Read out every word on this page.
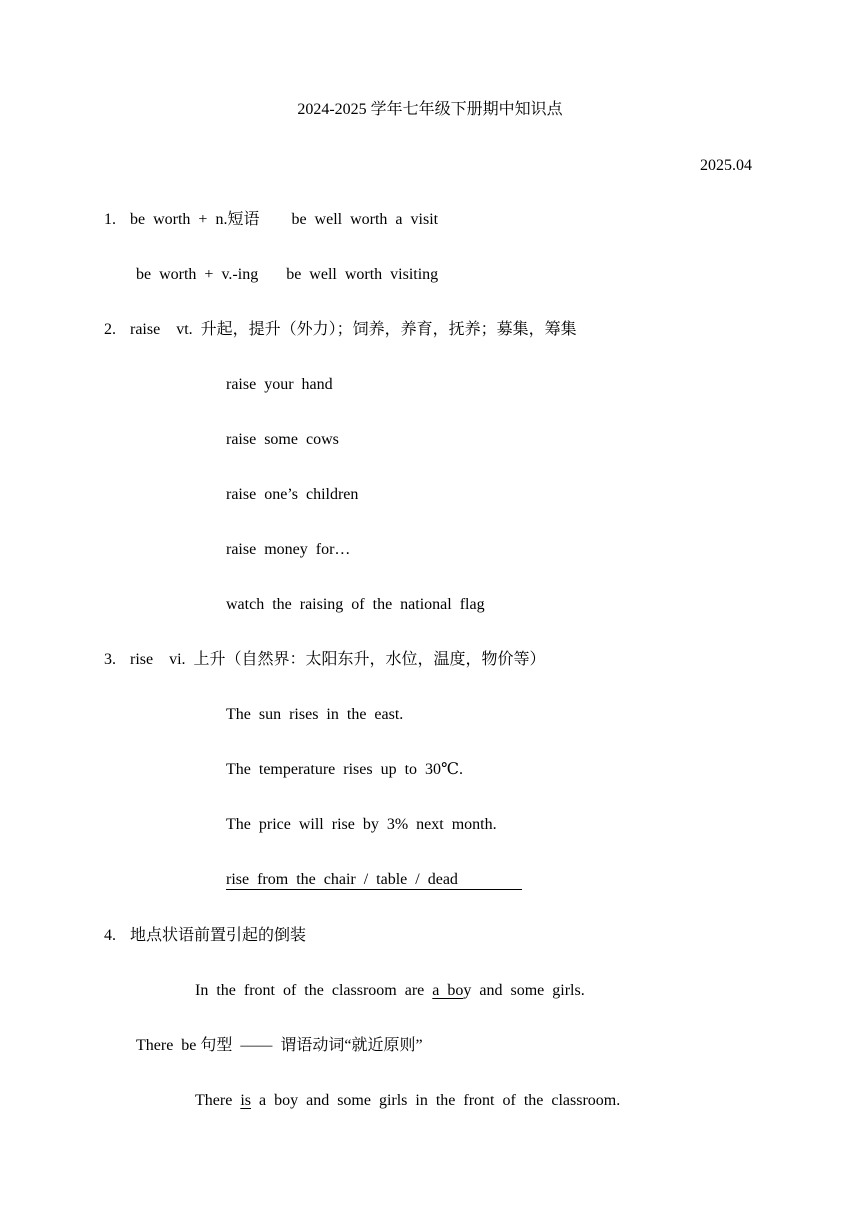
2024-2025 学年七年级下册期中知识点
2025.04
1. be  worth  +  n.短语        be  well  worth  a  visit
be  worth  +  v.-ing       be  well  worth  visiting
2. raise    vt.  升起，提升（外力）；饲养，养育，抚养；募集，筹集
raise  your  hand
raise  some  cows
raise  one’s  children
raise  money  for…
watch  the  raising  of  the  national  flag
3. rise    vi.  上升（自然界：太阳东升，水位，温度，物价等）
The  sun  rises  in  the  east.
The  temperature  rises  up  to  30℃.
The  price  will  rise  by  3%  next  month.
rise  from  the  chair  /  table  /  dead
4. 地点状语前置引起的倒装
In  the  front  of  the  classroom  are  a  boy  and  some  girls.
There  be 句型  ——  谓语动词“就近原则”
There  is  a  boy  and  some  girls  in  the  front  of  the  classroom.
